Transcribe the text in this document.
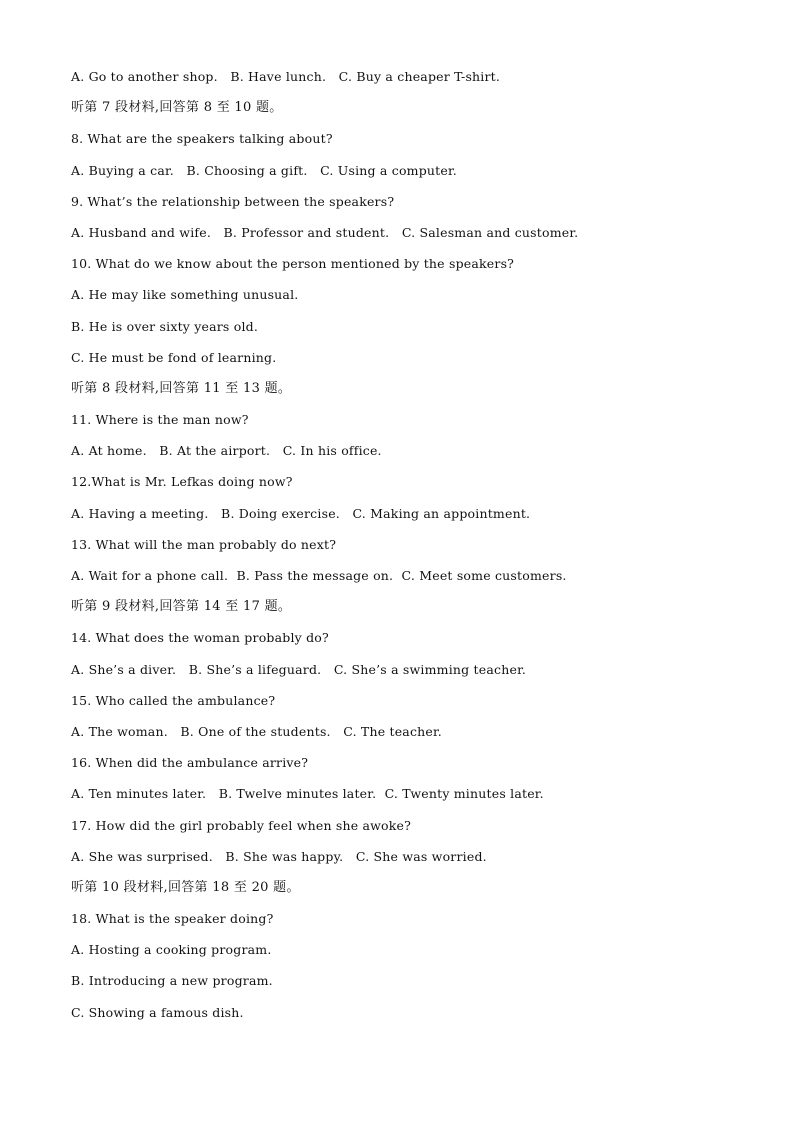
A. Go to another shop.   B. Have lunch.   C. Buy a cheaper T-shirt.
听第 7 段材料,回答第 8 至 10 题。
8. What are the speakers talking about?
A. Buying a car.   B. Choosing a gift.   C. Using a computer.
9. What’s the relationship between the speakers?
A. Husband and wife.   B. Professor and student.   C. Salesman and customer.
10. What do we know about the person mentioned by the speakers?
A. He may like something unusual.
B. He is over sixty years old.
C. He must be fond of learning.
听第 8 段材料,回答第 11 至 13 题。
11. Where is the man now?
A. At home.   B. At the airport.   C. In his office.
12.What is Mr. Lefkas doing now?
A. Having a meeting.   B. Doing exercise.   C. Making an appointment.
13. What will the man probably do next?
A. Wait for a phone call.  B. Pass the message on.  C. Meet some customers.
听第 9 段材料,回答第 14 至 17 题。
14. What does the woman probably do?
A. She’s a diver.   B. She’s a lifeguard.   C. She’s a swimming teacher.
15. Who called the ambulance?
A. The woman.   B. One of the students.   C. The teacher.
16. When did the ambulance arrive?
A. Ten minutes later.   B. Twelve minutes later.  C. Twenty minutes later.
17. How did the girl probably feel when she awoke?
A. She was surprised.   B. She was happy.   C. She was worried.
听第 10 段材料,回答第 18 至 20 题。
18. What is the speaker doing?
A. Hosting a cooking program.
B. Introducing a new program.
C. Showing a famous dish.
